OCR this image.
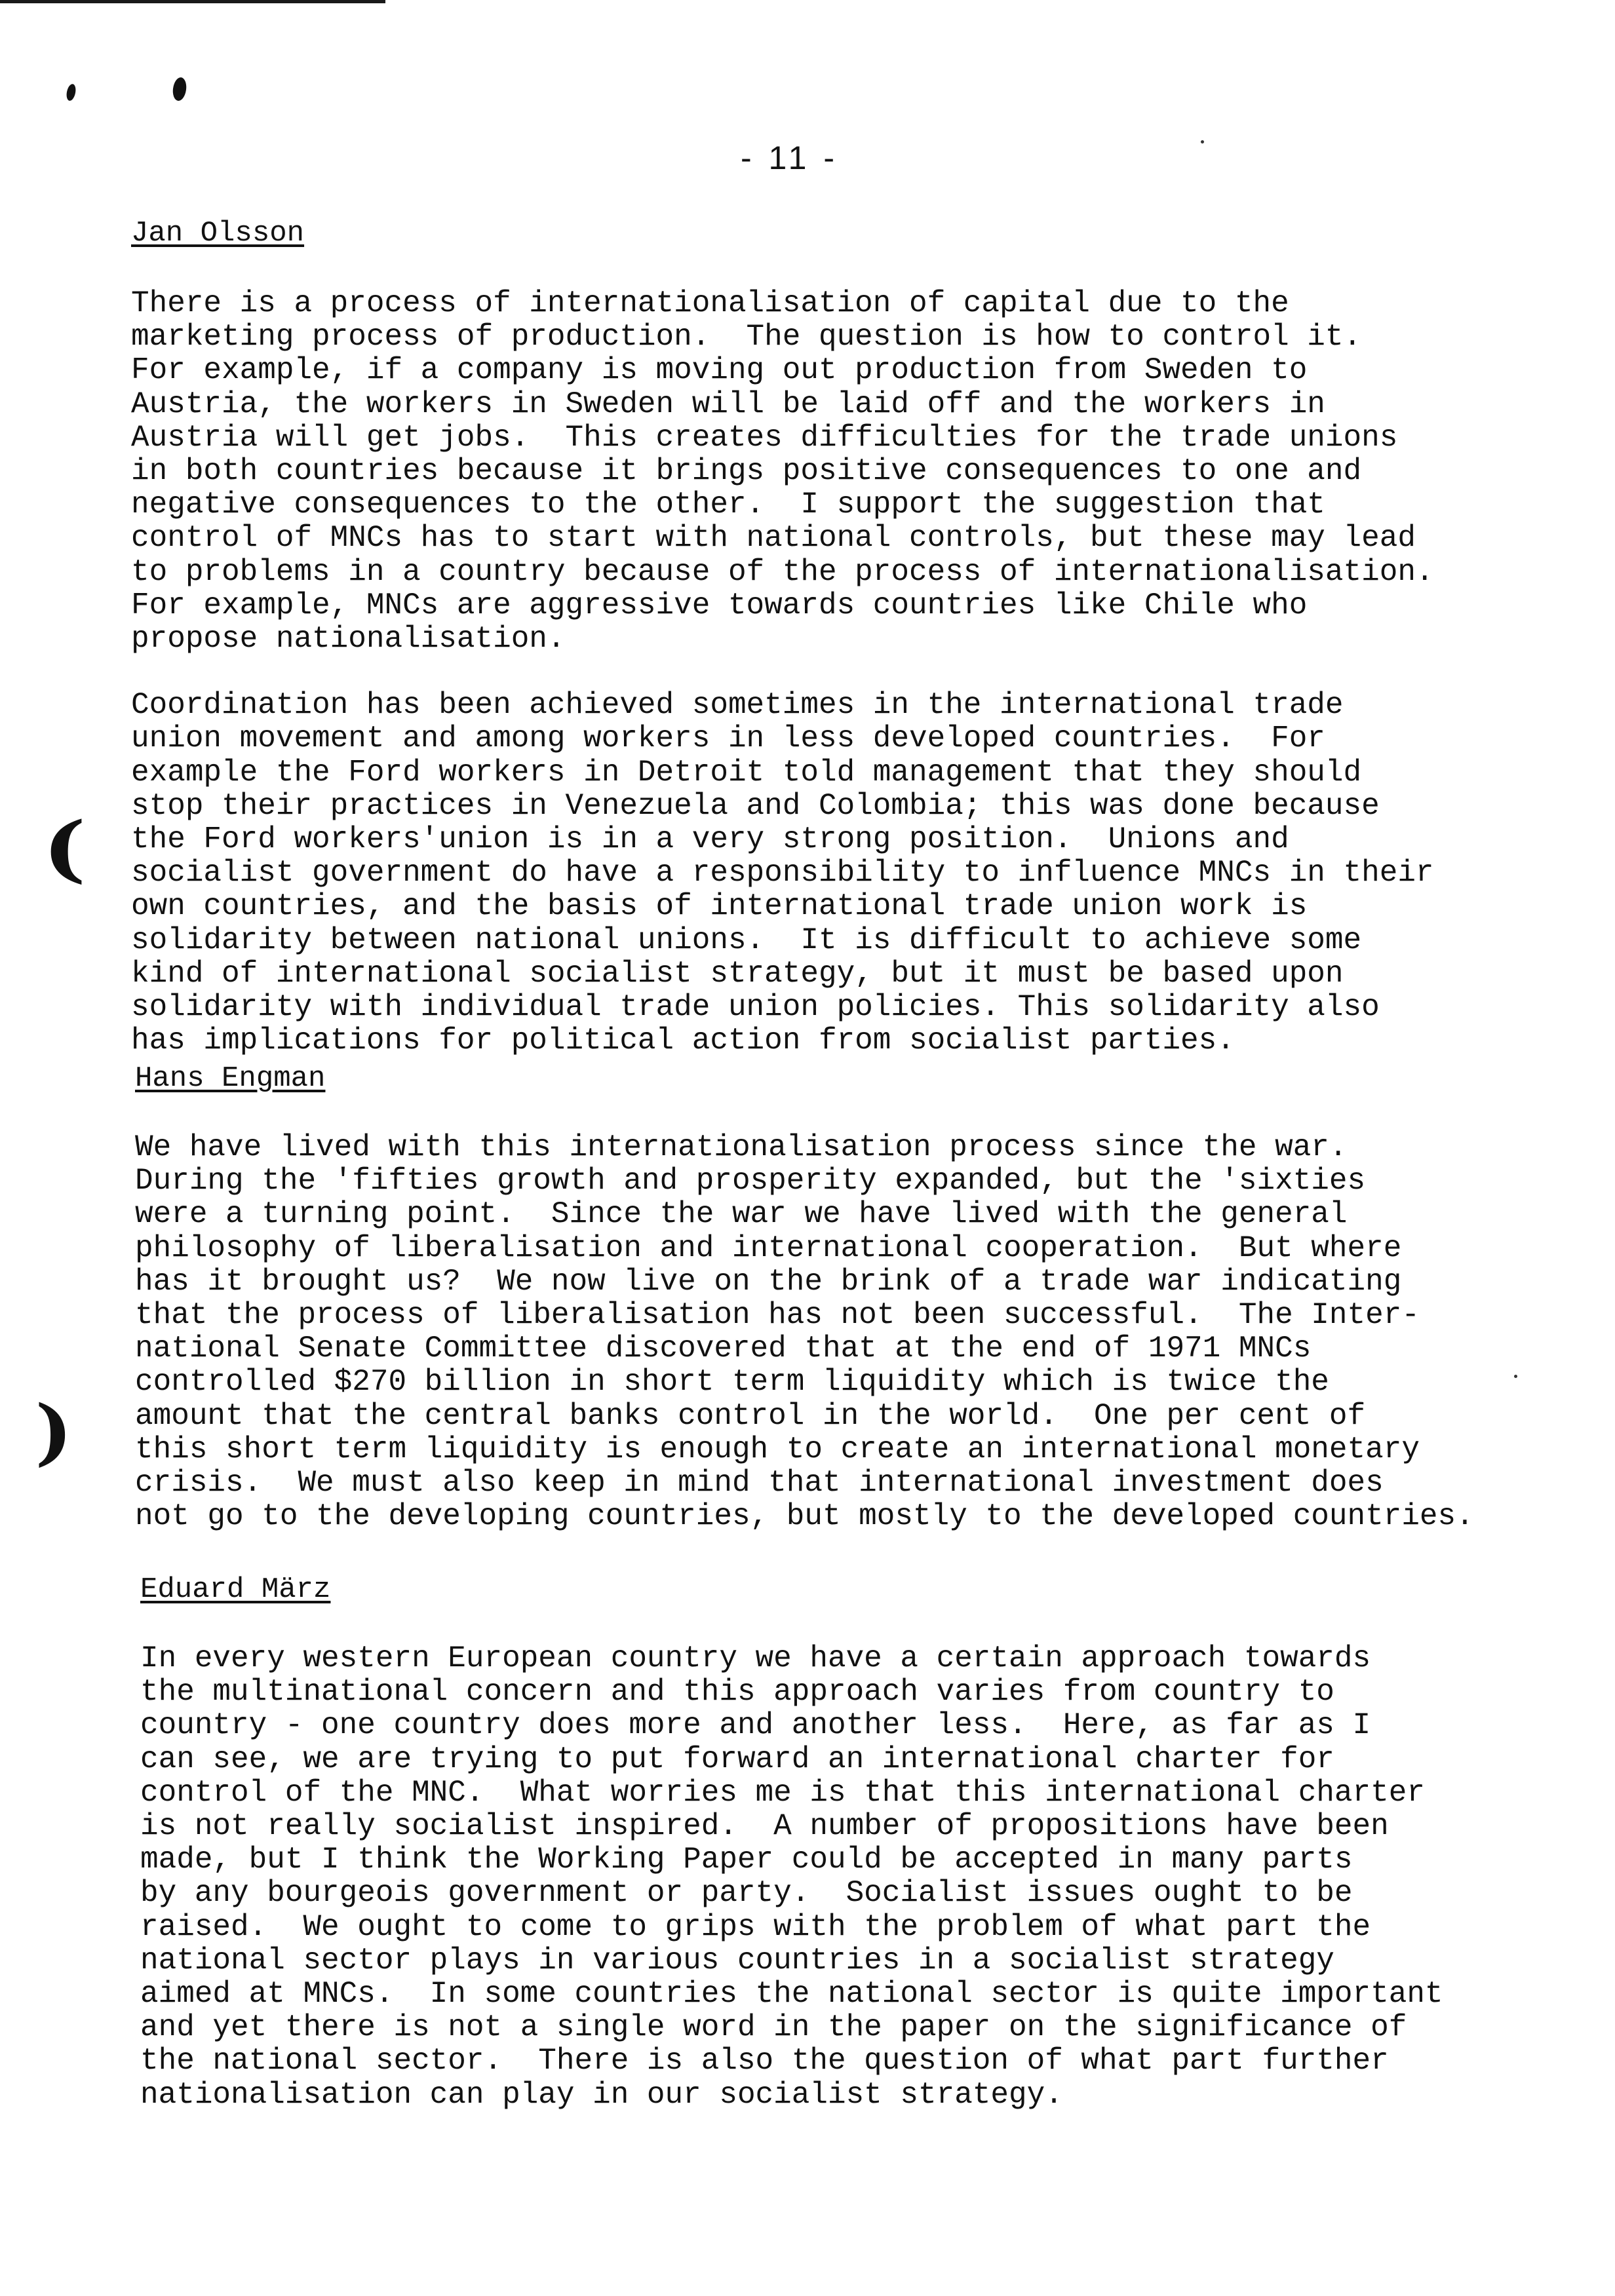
- 11 -

Jan Olsson

There is a process of internationalisation of capital due to the
marketing process of production.  The question is how to control it.
For example, if a company is moving out production from Sweden to
Austria, the workers in Sweden will be laid off and the workers in
Austria will get jobs.  This creates difficulties for the trade unions
in both countries because it brings positive consequences to one and
negative consequences to the other.  I support the suggestion that
control of MNCs has to start with national controls, but these may lead
to problems in a country because of the process of internationalisation.
For example, MNCs are aggressive towards countries like Chile who
propose nationalisation.

Coordination has been achieved sometimes in the international trade
union movement and among workers in less developed countries.  For
example the Ford workers in Detroit told management that they should
stop their practices in Venezuela and Colombia; this was done because
the Ford workers'union is in a very strong position.  Unions and
socialist government do have a responsibility to influence MNCs in their
own countries, and the basis of international trade union work is
solidarity between national unions.  It is difficult to achieve some
kind of international socialist strategy, but it must be based upon
solidarity with individual trade union policies. This solidarity also
has implications for political action from socialist parties.

Hans Engman

We have lived with this internationalisation process since the war.
During the 'fifties growth and prosperity expanded, but the 'sixties
were a turning point.  Since the war we have lived with the general
philosophy of liberalisation and international cooperation.  But where
has it brought us?  We now live on the brink of a trade war indicating
that the process of liberalisation has not been successful.  The Inter-
national Senate Committee discovered that at the end of 1971 MNCs
controlled $270 billion in short term liquidity which is twice the
amount that the central banks control in the world.  One per cent of
this short term liquidity is enough to create an international monetary
crisis.  We must also keep in mind that international investment does
not go to the developing countries, but mostly to the developed countries.

Eduard März

In every western European country we have a certain approach towards
the multinational concern and this approach varies from country to
country - one country does more and another less.  Here, as far as I
can see, we are trying to put forward an international charter for
control of the MNC.  What worries me is that this international charter
is not really socialist inspired.  A number of propositions have been
made, but I think the Working Paper could be accepted in many parts
by any bourgeois government or party.  Socialist issues ought to be
raised.  We ought to come to grips with the problem of what part the
national sector plays in various countries in a socialist strategy
aimed at MNCs.  In some countries the national sector is quite important
and yet there is not a single word in the paper on the significance of
the national sector.  There is also the question of what part further
nationalisation can play in our socialist strategy.

(
)
